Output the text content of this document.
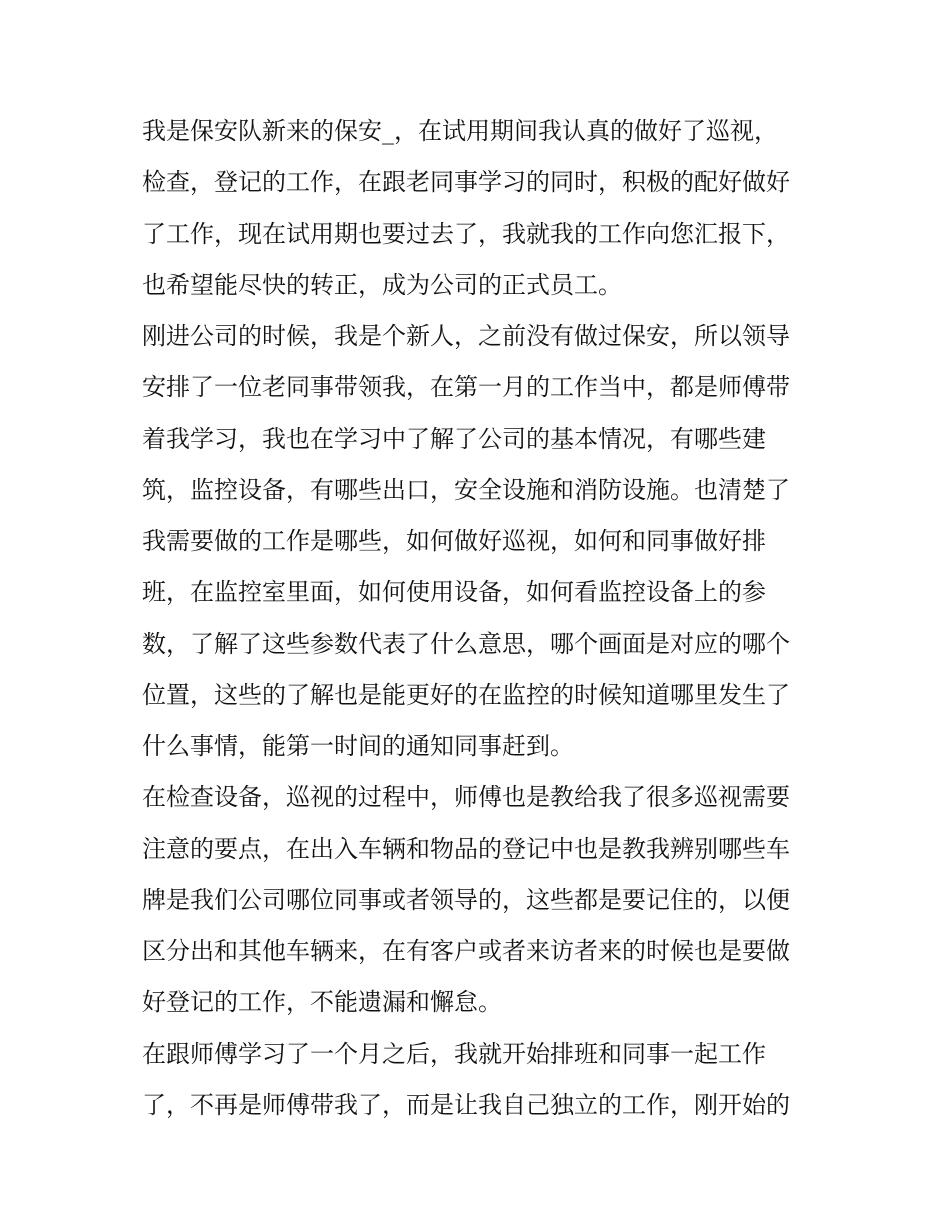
我是保安队新来的保安_，在试用期间我认真的做好了巡视，
检查，登记的工作，在跟老同事学习的同时，积极的配好做好
了工作，现在试用期也要过去了，我就我的工作向您汇报下，
也希望能尽快的转正，成为公司的正式员工。
刚进公司的时候，我是个新人，之前没有做过保安，所以领导
安排了一位老同事带领我，在第一月的工作当中，都是师傅带
着我学习，我也在学习中了解了公司的基本情况，有哪些建
筑，监控设备，有哪些出口，安全设施和消防设施。也清楚了
我需要做的工作是哪些，如何做好巡视，如何和同事做好排
班，在监控室里面，如何使用设备，如何看监控设备上的参
数，了解了这些参数代表了什么意思，哪个画面是对应的哪个
位置，这些的了解也是能更好的在监控的时候知道哪里发生了
什么事情，能第一时间的通知同事赶到。
在检查设备，巡视的过程中，师傅也是教给我了很多巡视需要
注意的要点，在出入车辆和物品的登记中也是教我辨别哪些车
牌是我们公司哪位同事或者领导的，这些都是要记住的，以便
区分出和其他车辆来，在有客户或者来访者来的时候也是要做
好登记的工作，不能遗漏和懈怠。
在跟师傅学习了一个月之后，我就开始排班和同事一起工作
了，不再是师傅带我了，而是让我自己独立的工作，刚开始的
